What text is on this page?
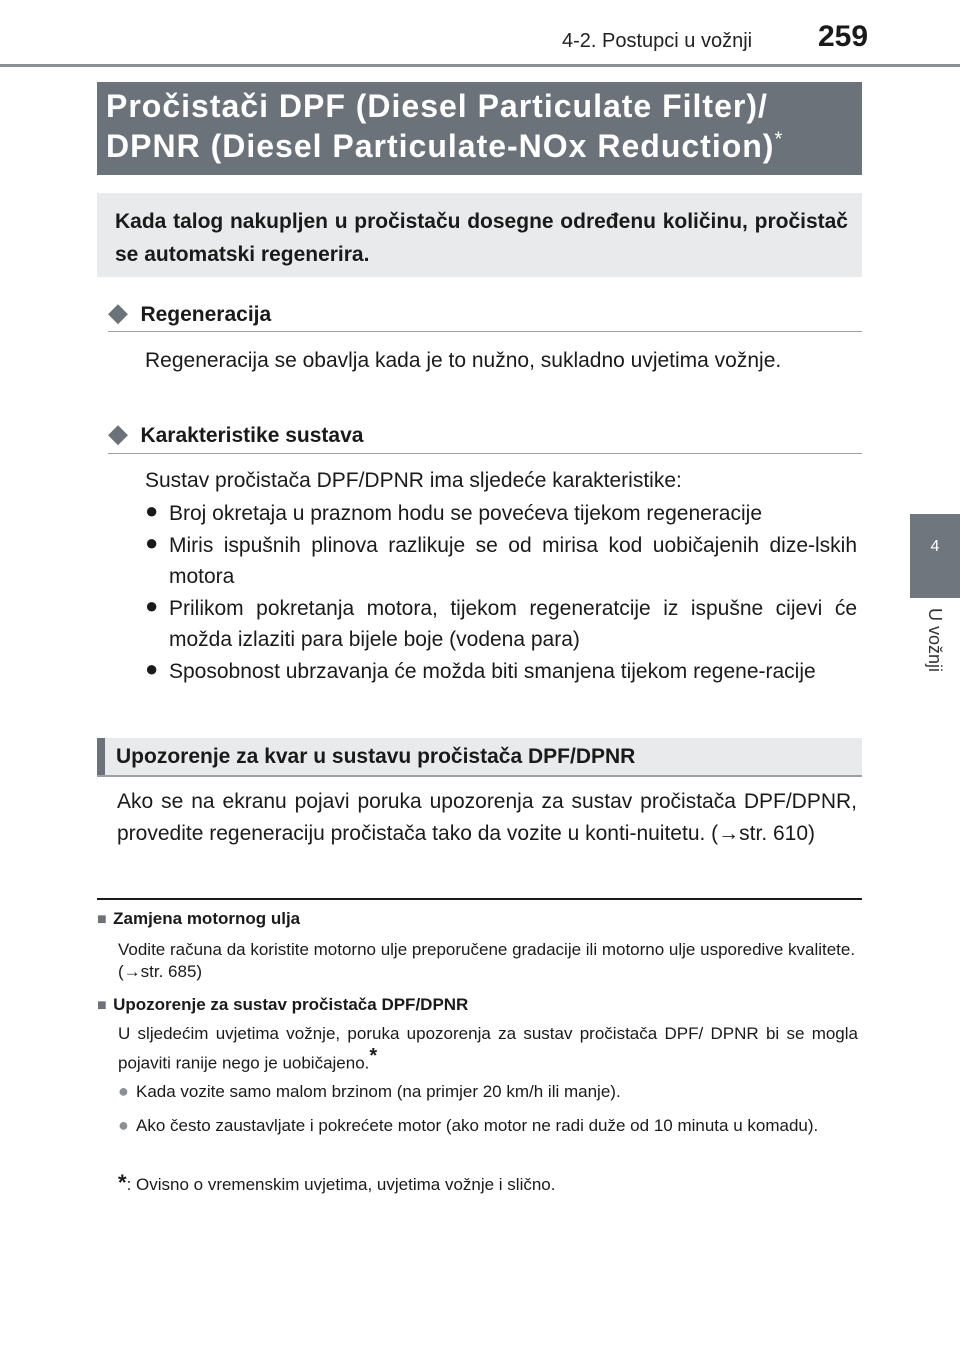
4-2. Postupci u vožnji 259
4
U vožnji
Pročistači DPF (Diesel Particulate Filter)/
DPNR (Diesel Particulate-NOx Reduction)*
Kada talog nakupljen u pročistaču dosegne određenu količinu, pročistač se automatski regenerira.
◆ Regeneracija
Regeneracija se obavlja kada je to nužno, sukladno uvjetima vožnje.
◆ Karakteristike sustava
Sustav pročistača DPF/DPNR ima sljedeće karakteristike:
● Broj okretaja u praznom hodu se povećeva tijekom regeneracije
● Miris ispušnih plinova razlikuje se od mirisa kod uobičajenih dize-lskih motora
● Prilikom pokretanja motora, tijekom regeneratcije iz ispušne cijevi će možda izlaziti para bijele boje (vodena para)
● Sposobnost ubrzavanja će možda biti smanjena tijekom regene-racije
Upozorenje za kvar u sustavu pročistača DPF/DPNR
Ako se na ekranu pojavi poruka upozorenja za sustav pročistača DPF/DPNR, provedite regeneraciju pročistača tako da vozite u konti-nuitetu. (→str. 610)
■ Zamjena motornog ulja
Vodite računa da koristite motorno ulje preporučene gradacije ili motorno ulje usporedive kvalitete. (→str. 685)
■ Upozorenje za sustav pročistača DPF/DPNR
U sljedećim uvjetima vožnje, poruka upozorenja za sustav pročistača DPF/ DPNR bi se mogla pojaviti ranije nego je uobičajeno.*
● Kada vozite samo malom brzinom (na primjer 20 km/h ili manje).
● Ako često zaustavljate i pokrećete motor (ako motor ne radi duže od 10 minuta u komadu).
*: Ovisno o vremenskim uvjetima, uvjetima vožnje i slično.
